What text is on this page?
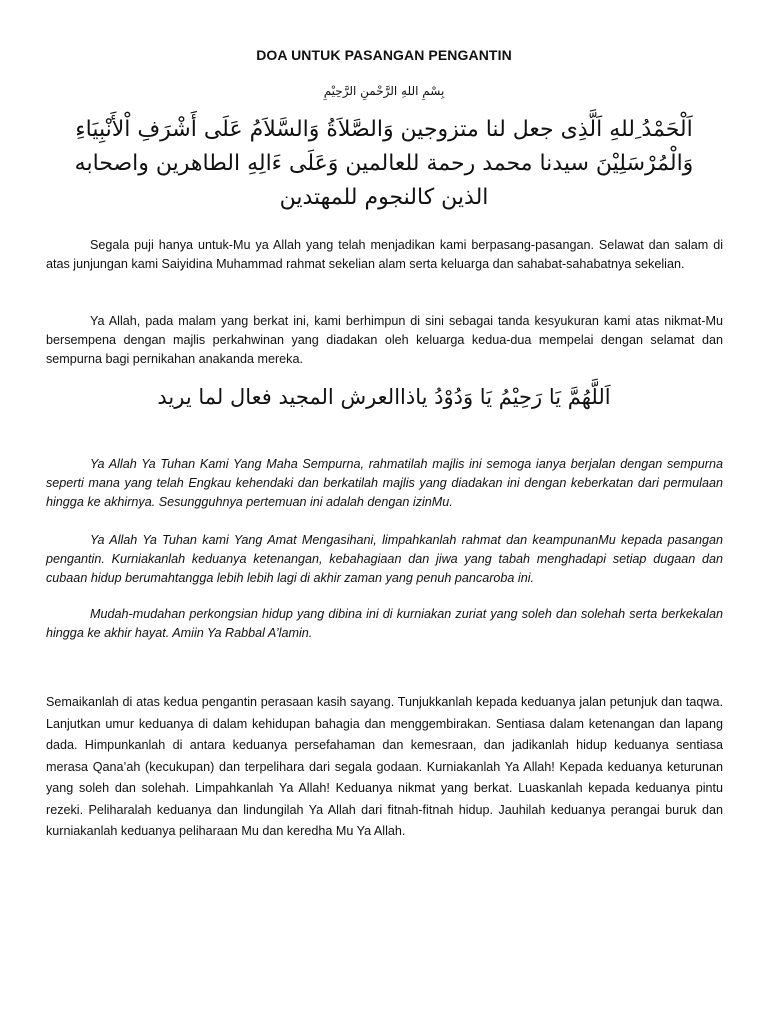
DOA UNTUK PASANGAN PENGANTIN
بِسْمِ اللهِ الرَّحْمنِ الرَّحِيْمِ
اَلْحَمْدُ ِللهِ اَلَّذِى جعل لنا متزوجين وَالصَّلاَةُ وَالسَّلاَمُ عَلَى أَشْرَفِ اْلأَنْبِيَاءِ وَالْمُرْسَلِيْنَ سيدنا محمد رحمة للعالمين وَعَلَى ءَالِهِ الطاهرين واصحابه الذين كالنجوم للمهتدين

Segala puji hanya untuk-Mu ya Allah yang telah menjadikan kami berpasang-pasangan. Selawat dan salam di atas junjungan kami Saiyidina Muhammad rahmat sekelian alam serta keluarga dan sahabat-sahabatnya sekelian.

Ya Allah, pada malam yang berkat ini, kami berhimpun di sini sebagai tanda kesyukuran kami atas nikmat-Mu bersempena dengan majlis perkahwinan yang diadakan oleh keluarga kedua-dua mempelai dengan selamat dan sempurna bagi pernikahan anakanda mereka.

اَللَّهُمَّ يَا رَحِيْمُ يَا وَدُوْدُ ياذاالعرش المجيد فعال لما يريد

Ya Allah Ya Tuhan Kami Yang Maha Sempurna, rahmatilah majlis ini semoga ianya berjalan dengan sempurna seperti mana yang telah Engkau kehendaki dan berkatilah majlis yang diadakan ini dengan keberkatan dari permulaan hingga ke akhirnya. Sesungguhnya pertemuan ini adalah dengan izinMu.

Ya Allah Ya Tuhan kami Yang Amat Mengasihani, limpahkanlah rahmat dan keampunanMu kepada pasangan pengantin. Kurniakanlah keduanya ketenangan, kebahagiaan dan jiwa yang tabah menghadapi setiap dugaan dan cubaan hidup berumahtangga lebih lebih lagi di akhir zaman yang penuh pancaroba ini.

Mudah-mudahan perkongsian hidup yang dibina ini di kurniakan zuriat yang soleh dan solehah serta berkekalan hingga ke akhir hayat. Amiin Ya Rabbal A’lamin.

Semaikanlah di atas kedua pengantin perasaan kasih sayang. Tunjukkanlah kepada keduanya jalan petunjuk dan taqwa. Lanjutkan umur keduanya di dalam kehidupan bahagia dan menggembirakan. Sentiasa dalam ketenangan dan lapang dada. Himpunkanlah di antara keduanya persefahaman dan kemesraan, dan jadikanlah hidup keduanya sentiasa merasa Qana’ah (kecukupan) dan terpelihara dari segala godaan. Kurniakanlah Ya Allah! Kepada keduanya keturunan yang soleh dan solehah. Limpahkanlah Ya Allah! Keduanya nikmat yang berkat. Luaskanlah kepada keduanya pintu rezeki. Peliharalah keduanya dan lindungilah Ya Allah dari fitnah-fitnah hidup. Jauhilah keduanya perangai buruk dan kurniakanlah keduanya peliharaan Mu dan keredha Mu Ya Allah.
